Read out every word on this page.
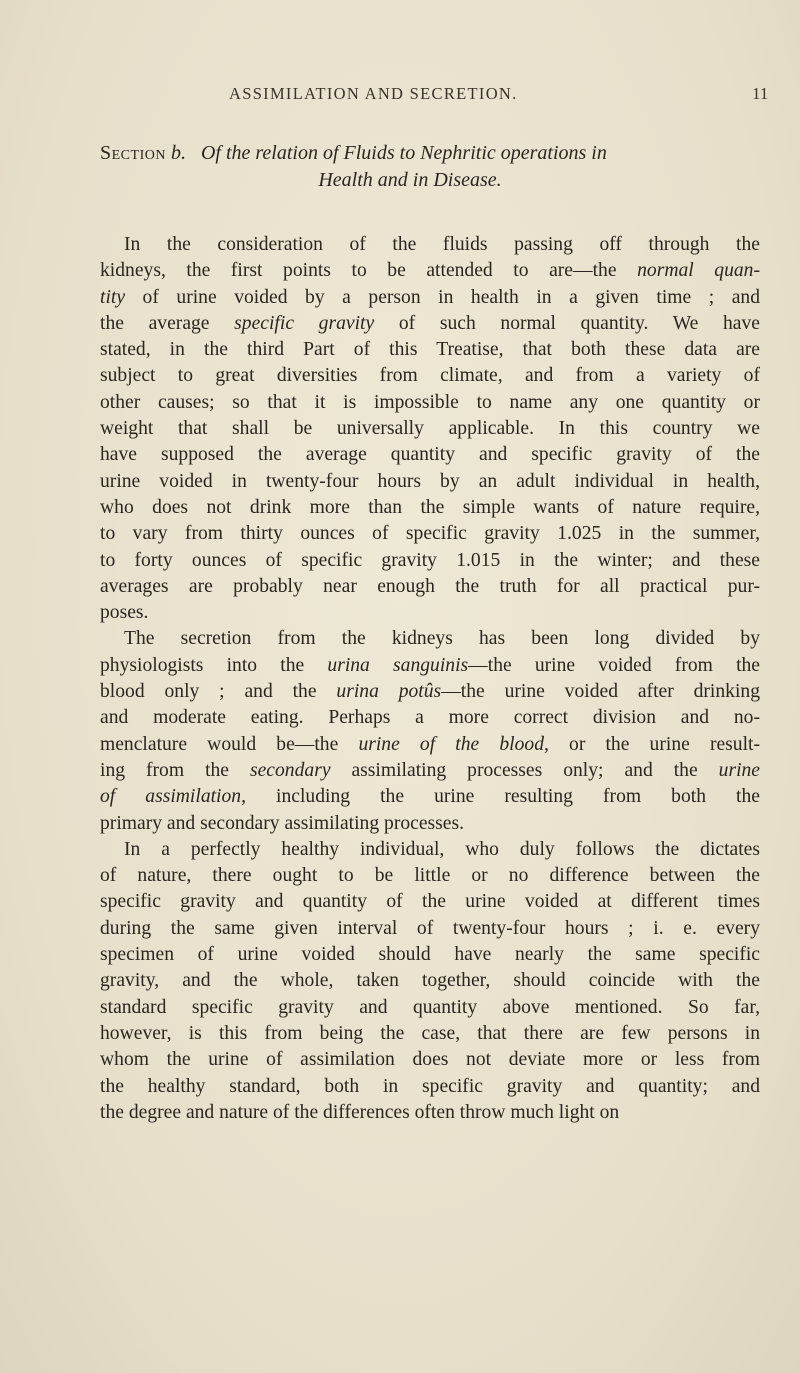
ASSIMILATION AND SECRETION.	11
Section b. Of the relation of Fluids to Nephritic operations in
Health and in Disease.

In the consideration of the fluids passing off through the
kidneys, the first points to be attended to are—the normal quan-
tity of urine voided by a person in health in a given time ; and
the average specific gravity of such normal quantity. We have
stated, in the third Part of this Treatise, that both these data are
subject to great diversities from climate, and from a variety of
other causes; so that it is impossible to name any one quantity or
weight that shall be universally applicable. In this country we
have supposed the average quantity and specific gravity of the
urine voided in twenty-four hours by an adult individual in health,
who does not drink more than the simple wants of nature require,
to vary from thirty ounces of specific gravity 1.025 in the summer,
to forty ounces of specific gravity 1.015 in the winter; and these
averages are probably near enough the truth for all practical pur-
poses.

The secretion from the kidneys has been long divided by
physiologists into the urina sanguinis—the urine voided from the
blood only ; and the urina potûs—the urine voided after drinking
and moderate eating. Perhaps a more correct division and no-
menclature would be—the urine of the blood, or the urine result-
ing from the secondary assimilating processes only; and the urine
of assimilation, including the urine resulting from both the
primary and secondary assimilating processes.

In a perfectly healthy individual, who duly follows the dictates
of nature, there ought to be little or no difference between the
specific gravity and quantity of the urine voided at different times
during the same given interval of twenty-four hours ; i. e. every
specimen of urine voided should have nearly the same specific
gravity, and the whole, taken together, should coincide with the
standard specific gravity and quantity above mentioned. So far,
however, is this from being the case, that there are few persons in
whom the urine of assimilation does not deviate more or less from
the healthy standard, both in specific gravity and quantity; and
the degree and nature of the differences often throw much light on
